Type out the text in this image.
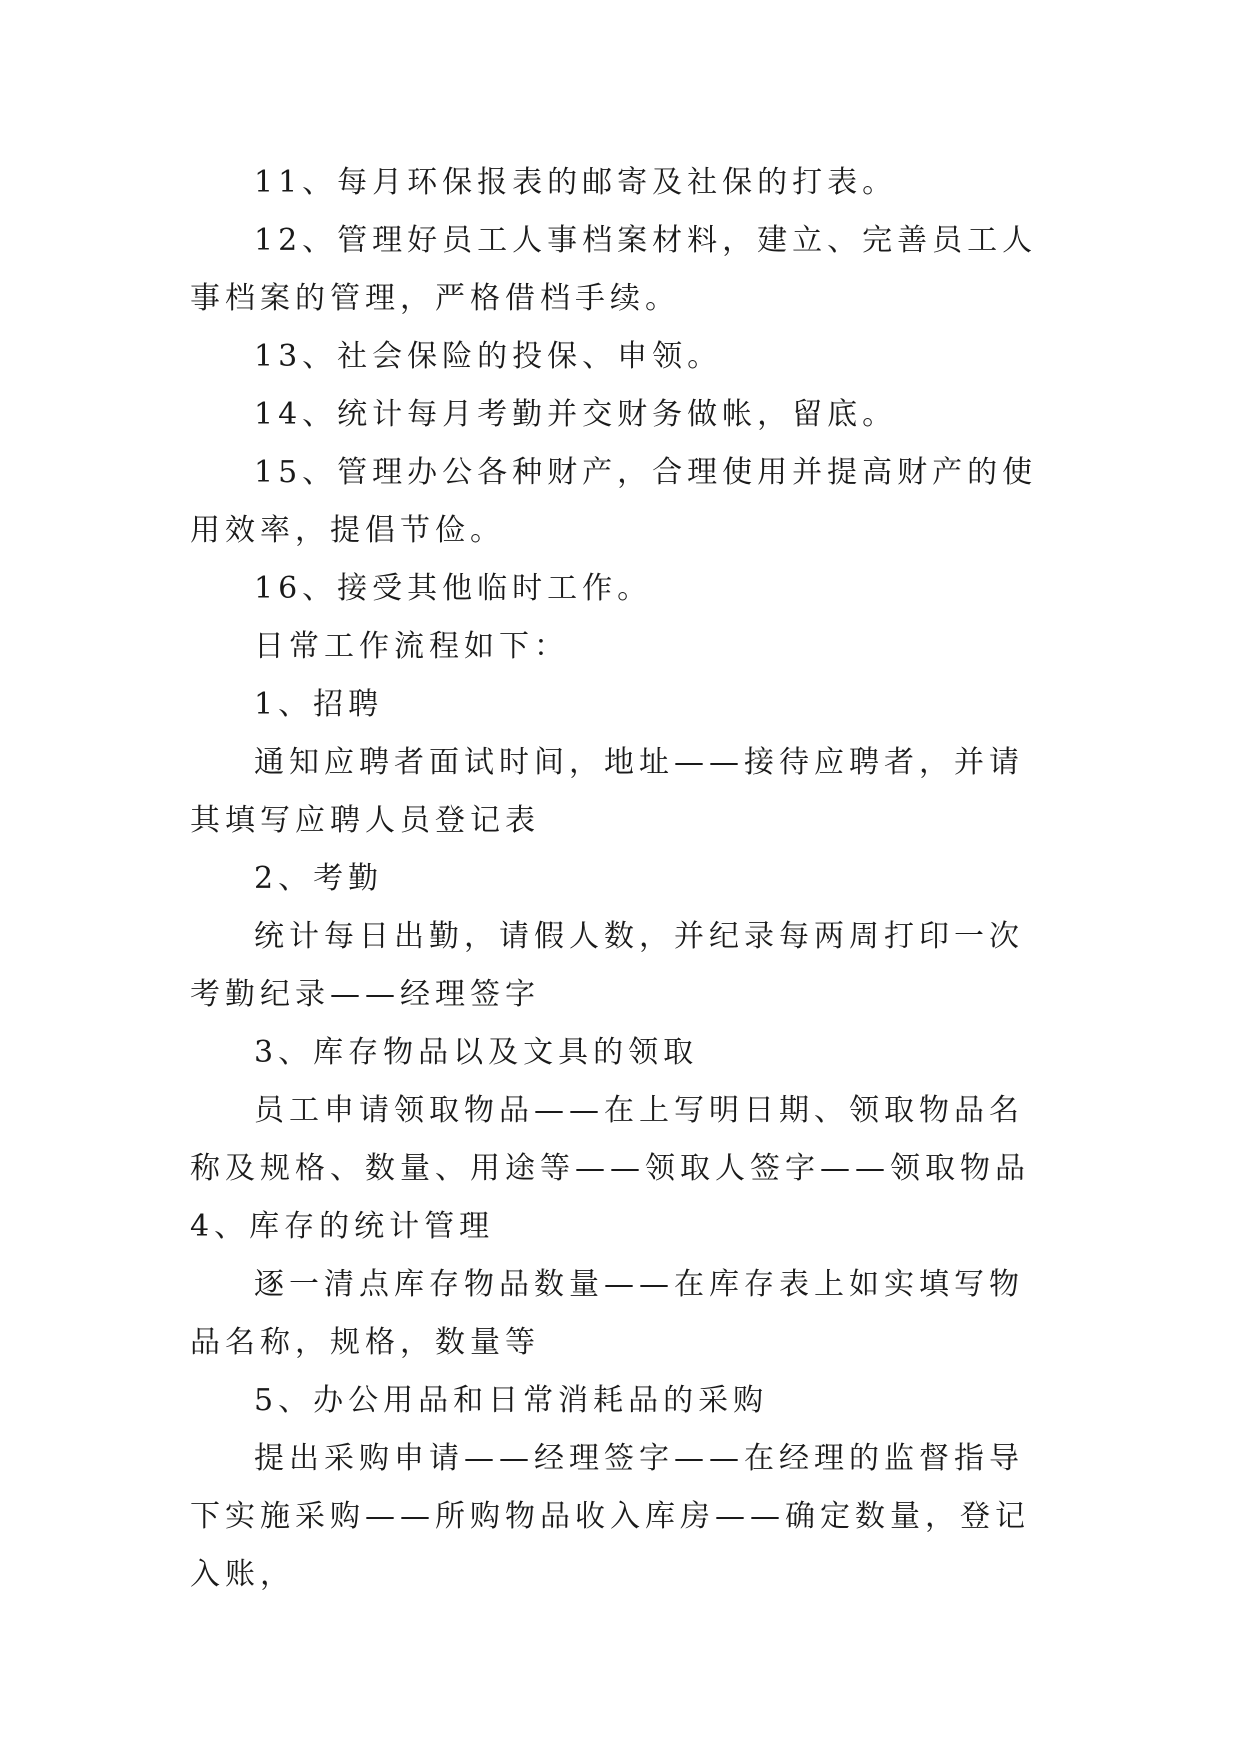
11、每月环保报表的邮寄及社保的打表。

12、管理好员工人事档案材料，建立、完善员工人事档案的管理，严格借档手续。

13、社会保险的投保、申领。

14、统计每月考勤并交财务做帐，留底。

15、管理办公各种财产，合理使用并提高财产的使用效率，提倡节俭。

16、接受其他临时工作。

日常工作流程如下：

1、招聘

通知应聘者面试时间，地址——接待应聘者，并请其填写应聘人员登记表

2、考勤

统计每日出勤，请假人数，并纪录每两周打印一次考勤纪录——经理签字

3、库存物品以及文具的领取

员工申请领取物品——在上写明日期、领取物品名称及规格、数量、用途等——领取人签字——领取物品 4、库存的统计管理

逐一清点库存物品数量——在库存表上如实填写物品名称，规格，数量等

5、办公用品和日常消耗品的采购

提出采购申请——经理签字——在经理的监督指导下实施采购——所购物品收入库房——确定数量，登记入账，
